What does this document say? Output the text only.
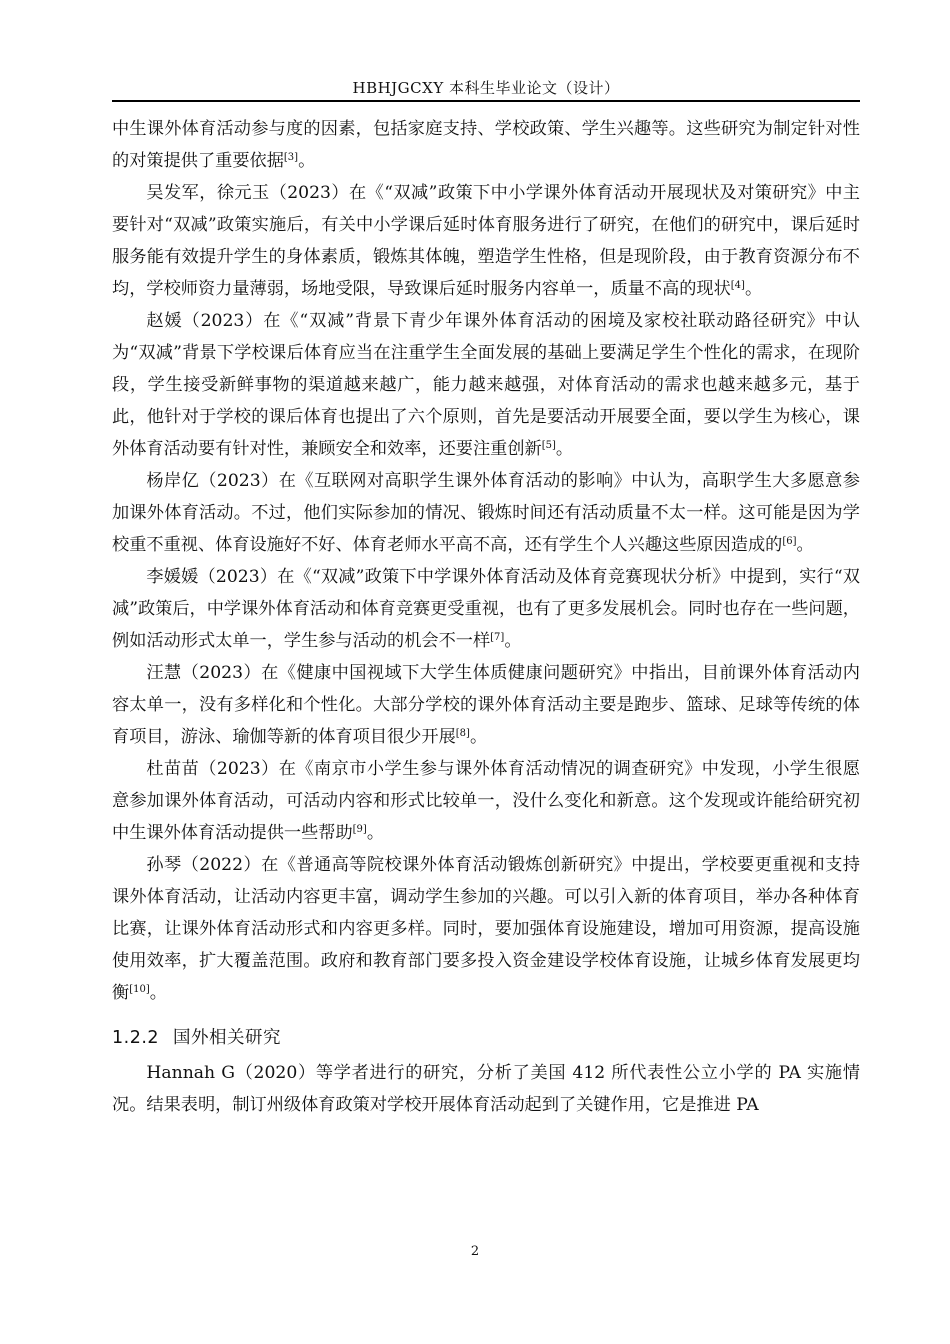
HBHJGCXY 本科生毕业论文（设计）

中生课外体育活动参与度的因素，包括家庭支持、学校政策、学生兴趣等。这些研究为制定针对性的对策提供了重要依据[3]。

吴发军，徐元玉（2023）在《“双减”政策下中小学课外体育活动开展现状及对策研究》中主要针对“双减”政策实施后，有关中小学课后延时体育服务进行了研究，在他们的研究中，课后延时服务能有效提升学生的身体素质，锻炼其体魄，塑造学生性格，但是现阶段，由于教育资源分布不均，学校师资力量薄弱，场地受限，导致课后延时服务内容单一，质量不高的现状[4]。

赵媛（2023）在《“双减”背景下青少年课外体育活动的困境及家校社联动路径研究》中认为“双减”背景下学校课后体育应当在注重学生全面发展的基础上要满足学生个性化的需求，在现阶段，学生接受新鲜事物的渠道越来越广，能力越来越强，对体育活动的需求也越来越多元，基于此，他针对于学校的课后体育也提出了六个原则，首先是要活动开展要全面，要以学生为核心，课外体育活动要有针对性，兼顾安全和效率，还要注重创新[5]。

杨岸亿（2023）在《互联网对高职学生课外体育活动的影响》中认为，高职学生大多愿意参加课外体育活动。不过，他们实际参加的情况、锻炼时间还有活动质量不太一样。这可能是因为学校重不重视、体育设施好不好、体育老师水平高不高，还有学生个人兴趣这些原因造成的[6]。

李媛媛（2023）在《“双减”政策下中学课外体育活动及体育竞赛现状分析》中提到，实行“双减”政策后，中学课外体育活动和体育竞赛更受重视，也有了更多发展机会。同时也存在一些问题，例如活动形式太单一，学生参与活动的机会不一样[7]。

汪慧（2023）在《健康中国视域下大学生体质健康问题研究》中指出，目前课外体育活动内容太单一，没有多样化和个性化。大部分学校的课外体育活动主要是跑步、篮球、足球等传统的体育项目，游泳、瑜伽等新的体育项目很少开展[8]。

杜苗苗（2023）在《南京市小学生参与课外体育活动情况的调查研究》中发现，小学生很愿意参加课外体育活动，可活动内容和形式比较单一，没什么变化和新意。这个发现或许能给研究初中生课外体育活动提供一些帮助[9]。

孙琴（2022）在《普通高等院校课外体育活动锻炼创新研究》中提出，学校要更重视和支持课外体育活动，让活动内容更丰富，调动学生参加的兴趣。可以引入新的体育项目，举办各种体育比赛，让课外体育活动形式和内容更多样。同时，要加强体育设施建设，增加可用资源，提高设施使用效率，扩大覆盖范围。政府和教育部门要多投入资金建设学校体育设施，让城乡体育发展更均衡[10]。

1.2.2 国外相关研究

Hannah G（2020）等学者进行的研究，分析了美国 412 所代表性公立小学的 PA 实施情况。结果表明，制订州级体育政策对学校开展体育活动起到了关键作用，它是推进 PA

2
